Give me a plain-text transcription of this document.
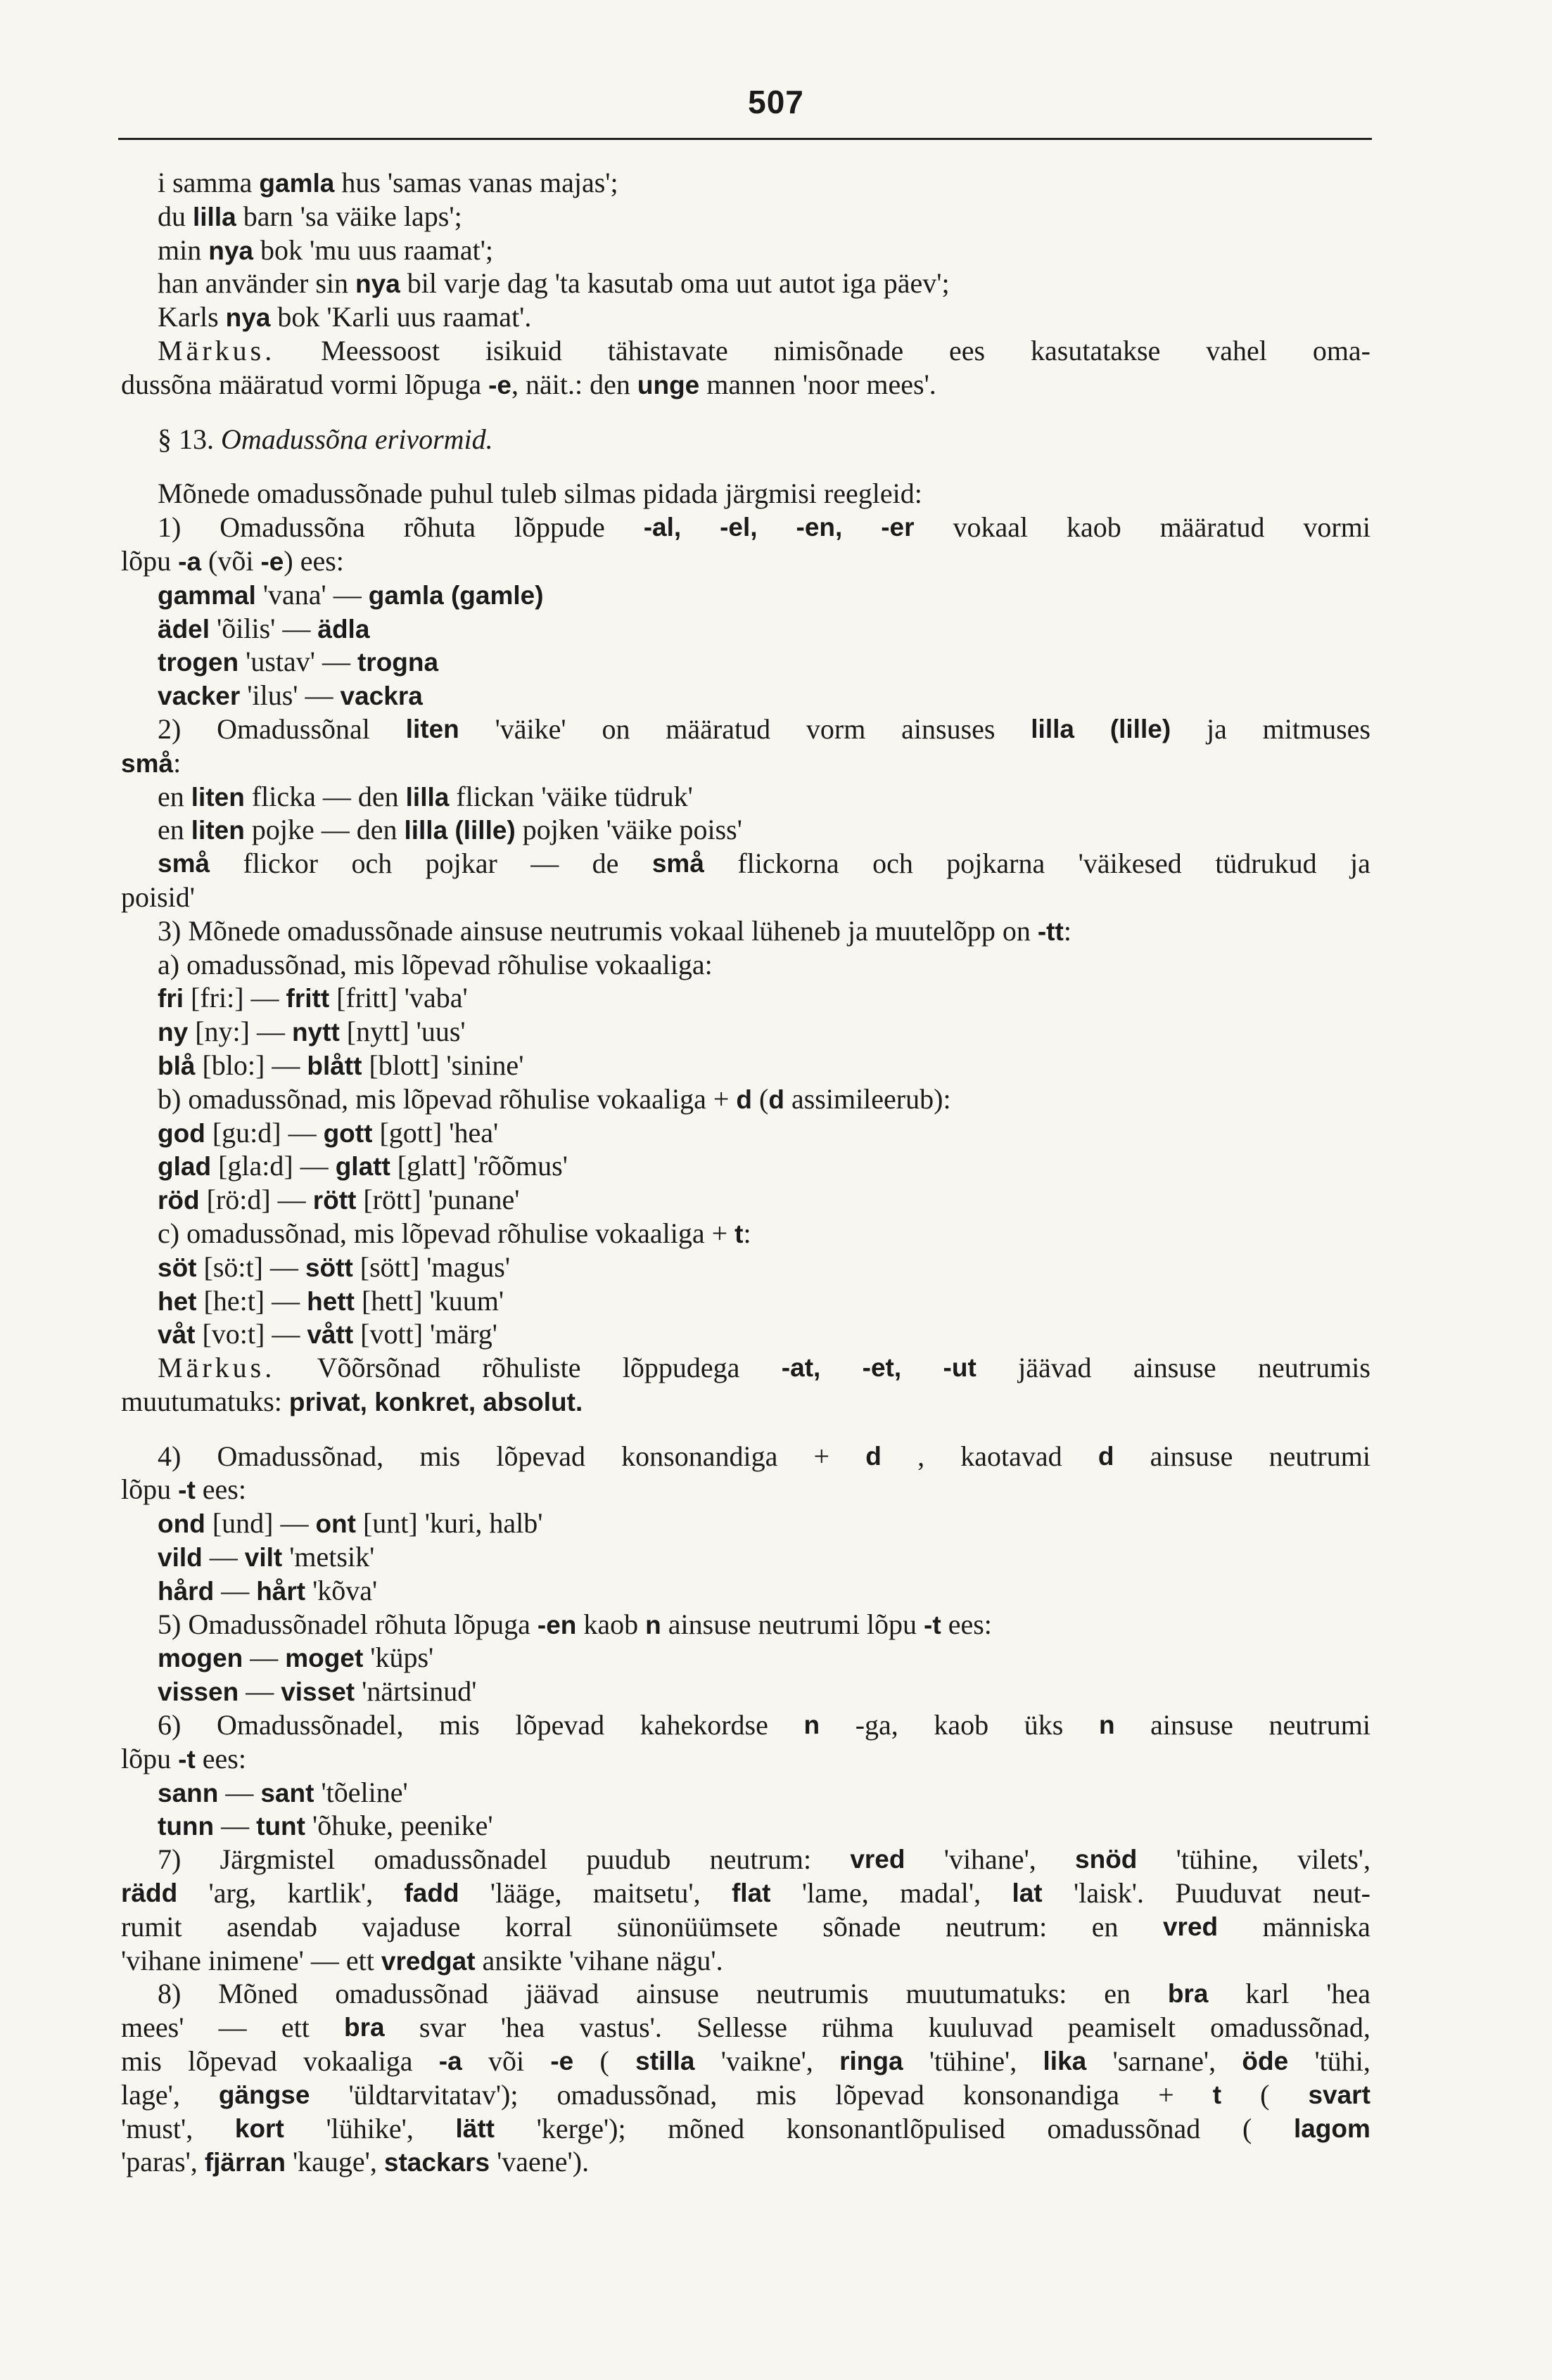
507
i samma gamla hus 'samas vanas majas';
du lilla barn 'sa väike laps';
min nya bok 'mu uus raamat';
han använder sin nya bil varje dag 'ta kasutab oma uut autot iga päev';
Karls nya bok 'Karli uus raamat'.
Märkus. Meessoost isikuid tähistavate nimisõnade ees kasutatakse vahel oma-
dussõna määratud vormi lõpuga -e, näit.: den unge mannen 'noor mees'.
§ 13. Omadussõna erivormid.
Mõnede omadussõnade puhul tuleb silmas pidada järgmisi reegleid:
1) Omadussõna rõhuta lõppude -al, -el, -en, -er vokaal kaob määratud vormi
lõpu -a (või -e) ees:
gammal 'vana' — gamla (gamle)
ädel 'õilis' — ädla
trogen 'ustav' — trogna
vacker 'ilus' — vackra
2) Omadussõnal liten 'väike' on määratud vorm ainsuses lilla (lille) ja mitmuses
små:
en liten flicka — den lilla flickan 'väike tüdruk'
en liten pojke — den lilla (lille) pojken 'väike poiss'
små flickor och pojkar — de små flickorna och pojkarna 'väikesed tüdrukud ja
poisid'
3) Mõnede omadussõnade ainsuse neutrumis vokaal lüheneb ja muutelõpp on -tt:
a) omadussõnad, mis lõpevad rõhulise vokaaliga:
fri [fri:] — fritt [fritt] 'vaba'
ny [ny:] — nytt [nytt] 'uus'
blå [blo:] — blått [blott] 'sinine'
b) omadussõnad, mis lõpevad rõhulise vokaaliga + d (d assimileerub):
god [gu:d] — gott [gott] 'hea'
glad [gla:d] — glatt [glatt] 'rõõmus'
röd [rö:d] — rött [rött] 'punane'
c) omadussõnad, mis lõpevad rõhulise vokaaliga + t:
söt [sö:t] — sött [sött] 'magus'
het [he:t] — hett [hett] 'kuum'
våt [vo:t] — vått [vott] 'märg'
Märkus. Võõrsõnad rõhuliste lõppudega -at, -et, -ut jäävad ainsuse neutrumis
muutumatuks: privat, konkret, absolut.
4) Omadussõnad, mis lõpevad konsonandiga + d , kaotavad d ainsuse neutrumi
lõpu -t ees:
ond [und] — ont [unt] 'kuri, halb'
vild — vilt 'metsik'
hård — hårt 'kõva'
5) Omadussõnadel rõhuta lõpuga -en kaob n ainsuse neutrumi lõpu -t ees:
mogen — moget 'küps'
vissen — visset 'närtsinud'
6) Omadussõnadel, mis lõpevad kahekordse n -ga, kaob üks n ainsuse neutrumi
lõpu -t ees:
sann — sant 'tõeline'
tunn — tunt 'õhuke, peenike'
7) Järgmistel omadussõnadel puudub neutrum: vred 'vihane', snöd 'tühine, vilets',
rädd 'arg, kartlik', fadd 'lääge, maitsetu', flat 'lame, madal', lat 'laisk'. Puuduvat neut-
rumit asendab vajaduse korral sünonüümsete sõnade neutrum: en vred människa
'vihane inimene' — ett vredgat ansikte 'vihane nägu'.
8) Mõned omadussõnad jäävad ainsuse neutrumis muutumatuks: en bra karl 'hea
mees' — ett bra svar 'hea vastus'. Sellesse rühma kuuluvad peamiselt omadussõnad,
mis lõpevad vokaaliga -a või -e ( stilla 'vaikne', ringa 'tühine', lika 'sarnane', öde 'tühi,
lage', gängse 'üldtarvitatav'); omadussõnad, mis lõpevad konsonandiga + t ( svart
'must', kort 'lühike', lätt 'kerge'); mõned konsonantlõpulised omadussõnad ( lagom
'paras', fjärran 'kauge', stackars 'vaene').
